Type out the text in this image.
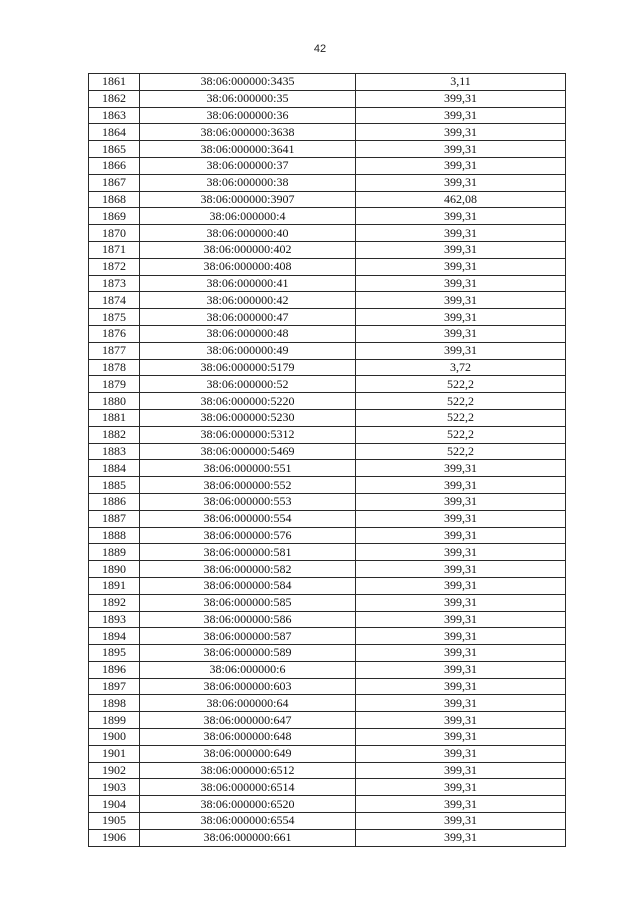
42
1861	38:06:000000:3435	3,11
1862	38:06:000000:35	399,31
1863	38:06:000000:36	399,31
1864	38:06:000000:3638	399,31
1865	38:06:000000:3641	399,31
1866	38:06:000000:37	399,31
1867	38:06:000000:38	399,31
1868	38:06:000000:3907	462,08
1869	38:06:000000:4	399,31
1870	38:06:000000:40	399,31
1871	38:06:000000:402	399,31
1872	38:06:000000:408	399,31
1873	38:06:000000:41	399,31
1874	38:06:000000:42	399,31
1875	38:06:000000:47	399,31
1876	38:06:000000:48	399,31
1877	38:06:000000:49	399,31
1878	38:06:000000:5179	3,72
1879	38:06:000000:52	522,2
1880	38:06:000000:5220	522,2
1881	38:06:000000:5230	522,2
1882	38:06:000000:5312	522,2
1883	38:06:000000:5469	522,2
1884	38:06:000000:551	399,31
1885	38:06:000000:552	399,31
1886	38:06:000000:553	399,31
1887	38:06:000000:554	399,31
1888	38:06:000000:576	399,31
1889	38:06:000000:581	399,31
1890	38:06:000000:582	399,31
1891	38:06:000000:584	399,31
1892	38:06:000000:585	399,31
1893	38:06:000000:586	399,31
1894	38:06:000000:587	399,31
1895	38:06:000000:589	399,31
1896	38:06:000000:6	399,31
1897	38:06:000000:603	399,31
1898	38:06:000000:64	399,31
1899	38:06:000000:647	399,31
1900	38:06:000000:648	399,31
1901	38:06:000000:649	399,31
1902	38:06:000000:6512	399,31
1903	38:06:000000:6514	399,31
1904	38:06:000000:6520	399,31
1905	38:06:000000:6554	399,31
1906	38:06:000000:661	399,31
